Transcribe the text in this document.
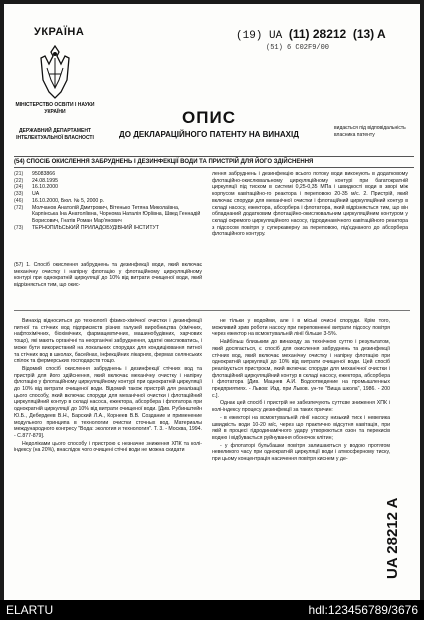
УКРАЇНА	(19) UA (11) 28212 (13) A
(51) 6 C02F9/00
МІНІСТЕРСТВО ОСВІТИ І НАУКИ УКРАЇНИ
ДЕРЖАВНИЙ ДЕПАРТАМЕНТ ІНТЕЛЕКТУАЛЬНОЇ ВЛАСНОСТІ
ОПИС
ДО ДЕКЛАРАЦІЙНОГО ПАТЕНТУ НА ВИНАХІД
видається під відповідальність власника патенту
(54) СПОСІБ ОКИСЛЕННЯ ЗАБРУДНЕНЬ І ДЕЗИНФЕКЦІЇ ВОДИ ТА ПРИСТРІЙ ДЛЯ ЙОГО ЗДІЙСНЕННЯ
(21)	95083866
(22)	24.08.1995
(24)	16.10.2000
(33)	UA
(46)	16.10.2000, Бюл. № 5, 2000 р.
(72)	Молчанов Анатолій Дмитрович, Вітенько Тетяна Миколаївна, Карпінська Іна Анатоліївна, Чорнома Наталія Юріївна, Швед Геннадій Борисович, Гнатів Роман Мар'янович
(73)	ТЕРНОПІЛЬСЬКИЙ ПРИЛАДОБУДІВНИЙ ІНСТИТУТ
(57) 1. Спосіб окислення забруднень та дезинфекції води, який включає механічну очистку і напірну флотацію у флотаційному циркуляційному контурі при однократній циркуляції до 10% від витрати очищеної води, який відрізняється тим, що окис-
лення забруднень і дезинфекцію всього потоку води виконують в додатковому флотаційно-окислювальному циркуляційному контурі при багатократній циркуляції під тиском в системі 0,25-0,35 МПа і швидкості води в зворі між корпусом кавітаційно-го реактора і переповою 20-35 м/с. 2. Пристрій, який включає споруди для механічної очистки і флотаційний циркуляційний контур в складі насосу, ежектора, абсорбера і флотатора, який відрізняється тим, що він обладнаний додатковим флотаційно-окислювальним циркуляційним контуром у складі окремого циркуляційного насосу, гідродинамічного кавітаційного реактора з підсосом повітря у суперкаверну за переповою, під'єднаного до абсорбера флотаційного контуру.

Винахід відноситься до технології фізико-хімічної очистки і дезинфекції питної та стічних вод підприємств різних галузей виробництва (хімічних, нафтохімічних, біохімічних, фармацевтичних, машинобудівних, харчових тощо), які мають органічні та неорганічні забруднення, здатні окислюватись, і може бути використаний на локальних спорудах для кондиціювання питної та стічних вод в школах, басейнах, інфекційних лікарнях, фермах селянських спілок та фермерських господарств тощо.

Відомий спосіб окислення забруднень і дезинфекції стічних вод та пристрій для його здійснення, який включає механічну очистку і напірну флотацію у флотаційному циркуляційному контурі при однократній циркуляції до 10% від витрати очищеної води. Відомий також пристрій для реалізації цього способу, який включає споруди для механічної очистки і флотаційний циркуляційний контур в складі насоса, ежектора, абсорбера і флотатора при однократній циркуляції до 10% від витрати очищеної води. [Див. Рубинштейн Ю.Б., Дебердеев В.Н., Барский Л.А., Корнеев В.В. Создание и применение модульного принципа в технологии очистки сточных вод. Материалы международного конгресу "Вода: экология и технология". Т. 3. - Москва, 1994. - С.877-879].

Недоліками цього способу і пристрою є незначне зниження ХПК та колі-індексу (на 20%), внаслідок чого очищені стічні води не можна скидати

не тільки у водойми, але і в міські очисні споруди. Крім того, можливий зрив роботи насосу при переповненні витрати підсосу повітря через ежектор на всмоктувальній лінії більше 3-5%.

Найбільш близьким до винаходу за технічною суттю і результатом, який досягається, є спосіб для окислення забруднень та дезинфекції стічних вод, який включає механічну очистку і напірну флотацію при однократній циркуляції до 10% від витрати очищеної води. Цей спосіб реалізується пристроєм, який включає споруди для механічної очистки і флотаційний циркуляційний контур в складі насосу, ежектора, абсорбера і флотатора [Див. Мацнев А.И. Водоотведение на промышленных предприятиях. - Львов: Изд. при Львов. ун-те "Вища школа", 1986. - 200 с.].

Однак цей спосіб і пристрій не забезпечують суттєве зниження ХПК і колі-індексу процесу дезинфекції за таких причин:

- в ежекторі на всмоктувальній лінії насосу низький тиск і невелика швидкість води 10-20 м/с, через що практично відсутня кавітація, при якій в процесі гідродинамічного удару утворюються озон та перекисів водню і відбувається руйнування обоночок клітин;

- у флотаторі бульбашки повітря залишаються у водою протягом невеликого часу при однократній циркуляції води і атмосферному тиску, при цьому концентрація насичення повітря киснем у де-

UA 28212 A
ELARTU	hdl:123456789/3676
